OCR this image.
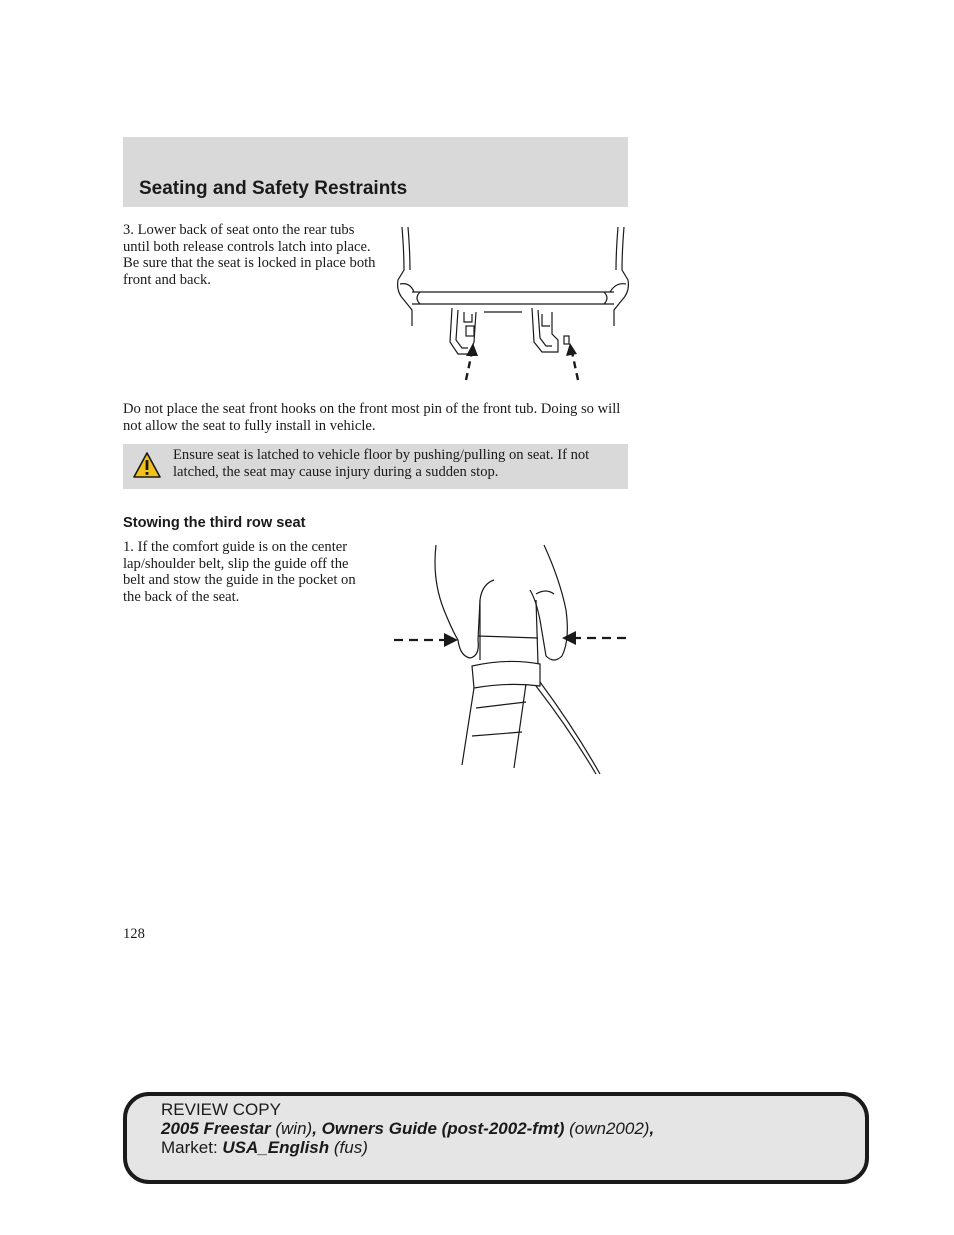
Seating and Safety Restraints

3. Lower back of seat onto the rear tubs until both release controls latch into place. Be sure that the seat is locked in place both front and back.

Do not place the seat front hooks on the front most pin of the front tub. Doing so will not allow the seat to fully install in vehicle.

Ensure seat is latched to vehicle floor by pushing/pulling on seat. If not latched, the seat may cause injury during a sudden stop.

Stowing the third row seat

1. If the comfort guide is on the center lap/shoulder belt, slip the guide off the belt and stow the guide in the pocket on the back of the seat.

128

REVIEW COPY
2005 Freestar (win), Owners Guide (post-2002-fmt) (own2002),
Market: USA_English (fus)
